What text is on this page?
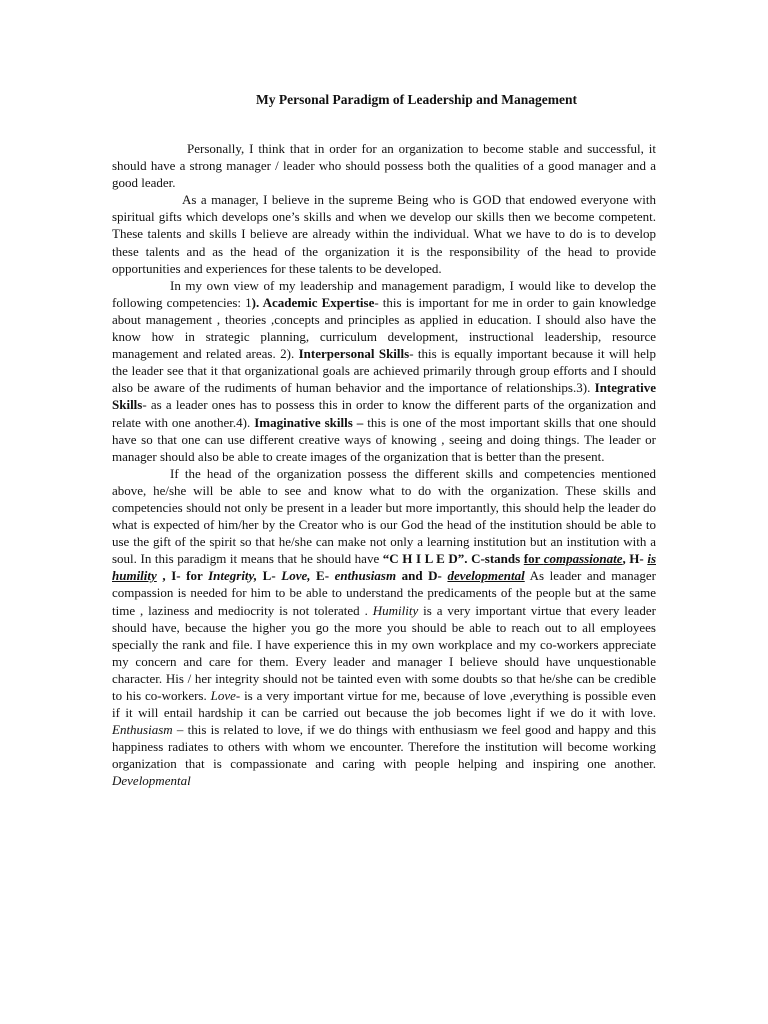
My Personal Paradigm of Leadership and Management

Personally, I think that in order for an organization to become stable and successful, it should have a strong manager / leader who should possess both the qualities of a good manager and a good leader.

As a manager, I believe in the supreme Being who is GOD that endowed everyone with spiritual gifts which develops one’s skills and when we develop our skills then we become competent. These talents and skills I believe are already within the individual. What we have to do is to develop these talents and as the head of the organization it is the responsibility of the head to provide opportunities and experiences for these talents to be developed.

In my own view of my leadership and management paradigm, I would like to develop the following competencies: 1). Academic Expertise- this is important for me in order to gain knowledge about management , theories ,concepts and principles as applied in education. I should also have the know how in strategic planning, curriculum development, instructional leadership, resource management and related areas. 2). Interpersonal Skills- this is equally important because it will help the leader see that it that organizational goals are achieved primarily through group efforts and I should also be aware of the rudiments of human behavior and the importance of relationships.3). Integrative Skills- as a leader ones has to possess this in order to know the different parts of the organization and relate with one another.4). Imaginative skills – this is one of the most important skills that one should have so that one can use different creative ways of knowing , seeing and doing things. The leader or manager should also be able to create images of the organization that is better than the present.

If the head of the organization possess the different skills and competencies mentioned above, he/she will be able to see and know what to do with the organization. These skills and competencies should not only be present in a leader but more importantly, this should help the leader do what is expected of him/her by the Creator who is our God the head of the institution should be able to use the gift of the spirit so that he/she can make not only a learning institution but an institution with a soul. In this paradigm it means that he should have “C H I L E D”. C-stands for compassionate, H- is humility , I- for Integrity, L- Love, E- enthusiasm and D- developmental As leader and manager compassion is needed for him to be able to understand the predicaments of the people but at the same time , laziness and mediocrity is not tolerated . Humility is a very important virtue that every leader should have, because the higher you go the more you should be able to reach out to all employees specially the rank and file. I have experience this in my own workplace and my co-workers appreciate my concern and care for them. Every leader and manager I believe should have unquestionable character. His / her integrity should not be tainted even with some doubts so that he/she can be credible to his co-workers. Love- is a very important virtue for me, because of love ,everything is possible even if it will entail hardship it can be carried out because the job becomes light if we do it with love. Enthusiasm – this is related to love, if we do things with enthusiasm we feel good and happy and this happiness radiates to others with whom we encounter. Therefore the institution will become working organization that is compassionate and caring with people helping and inspiring one another. Developmental
